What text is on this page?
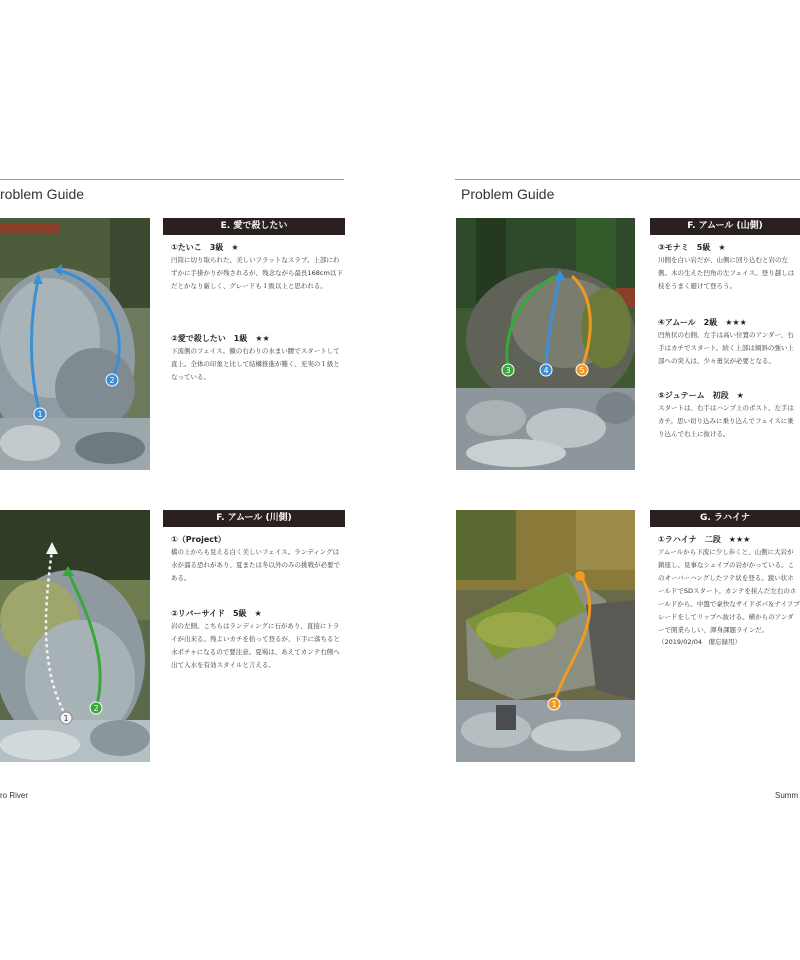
roblem Guide
1
2
E. 愛で殺したい
①たいこ　3級　★
円筒に切り取られた、美しいフラットなスラブ。上部にわずかに手掛かりが残されるが、残念ながら最長168cm以下だとかなり厳しく、グレードも１級以上と思われる。
②愛で殺したい　1級　★★
下流側のフェイス。額の右わりの水まい腰でスタートして直上。全体の印象と比して結構推進が難く、充実の１級となっている。
1
2
F. アムール (川側)
①（Project）
橋の上からも見える白く美しいフェイス。ランディングは水が溜る恐れがあり、夏または冬以外のみの挑戦が必要である。
②リバーサイド　5級　★
岩の左側。こちらはランディングに石があり、直接にトライが出来る。残よいカチを拾って登るが、下手に落ちると水ポチャになるので要注意。夏場は、あえてカンテ右側へ出て入水を有効スタイルと言える。
ro River
Problem Guide
3	4	5
F. アムール (山側)
③モナミ　5級　★
川側を白い岩だが、山側に回り込むと岩の左側。木の生えた凹角の左フェイス。登り越しは枝をうまく避けて登ろう。
④アムール　2級　★★★
凹角状の右側、左手は高い位置のアンダー、右手はカチでスタート。続く上部は傾斜の強い上部への突入は、少々勇気が必要となる。
⑤ジュテーム　初段　★
スタートは、右手はハンプ上のポスト、左手はカチ。思い切り込みに乗り込んでフェイスに乗り込んで右上に抜ける。
1
G. ラハイナ
①ラハイナ　二段　★★★
アムールから下流に少し歩くと、山側に大岩が鎮座し、見事なシェイプの岩がかっている。このオーバーハングしたフテ状を登る。鋭い状ホールドでSDスタート。カンテを挟んだ左右のホールドから、中盤で豪快なサイドボパ＆ナイフブレードをしてリップへ抜ける。横からのアンダーで開業らしい、渾身課題ラインだ。
（2019/02/04　備忘録用）
Summ
